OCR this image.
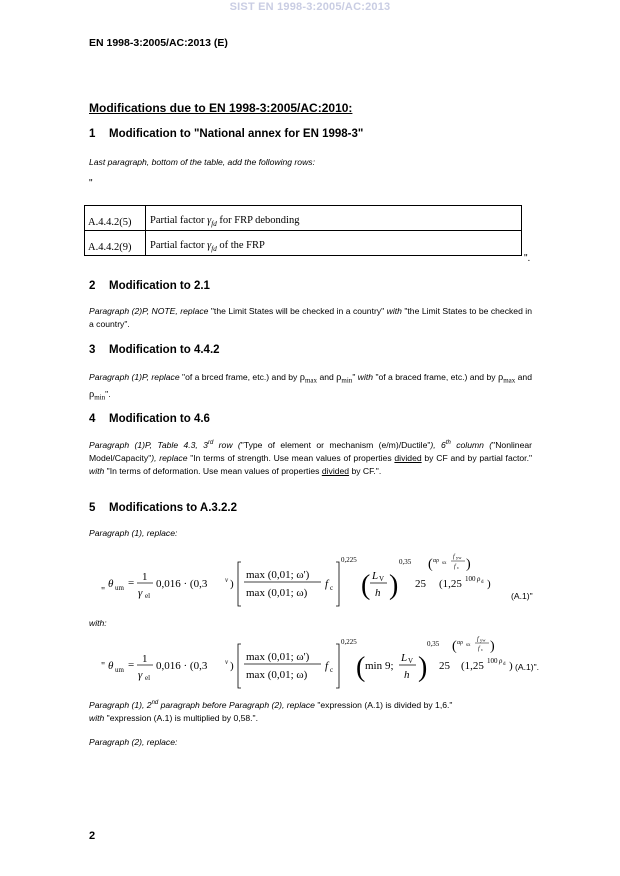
SIST EN 1998-3:2005/AC:2013
EN 1998-3:2005/AC:2013 (E)
Modifications due to EN 1998-3:2005/AC:2010:
1 Modification to "National annex for EN 1998-3"
Last paragraph, bottom of the table, add the following rows:
"
A.4.4.2(5)	Partial factor $\gamma_{fd}$ for FRP debonding
A.4.4.2(9)	Partial factor $\gamma_{fd}$ of the FRP
".
2 Modification to 2.1
Paragraph (2)P, NOTE, replace "the Limit States will be checked in a country" with "the Limit States to be checked in a country".
3 Modification to 4.4.2
Paragraph (1)P, replace "of a brced frame, etc.) and by $\rho_{max}$ and $\rho_{min}$" with "of a braced frame, etc.) and by $\rho_{max}$ and $\rho_{min}$".
4 Modification to 4.6
Paragraph (1)P, Table 4.3, 3rd row ("Type of element or mechanism (e/m)/Ductile"), 6th column ("Nonlinear Model/Capacity"), replace "In terms of strength. Use mean values of properties divided by CF and by partial factor." with "In terms of deformation. Use mean values of properties divided by CF.".
5 Modifications to A.3.2.2
Paragraph (1), replace:
"
θ um = 1
γ el
0,016 · (0,3	ν )
max (0,01; ω')
max (0,01; ω)
f c
0,225
( L V
h )
0,35
25
( αρ sx
f yw
f c )
(1,25 100 ρ d )
(A.1)"
with:
" θ um = 1
γ el
0,016 · (0,3	ν )
max (0,01; ω')
max (0,01; ω)
f c
0,225
( min 9;
L V
h )
0,35
25
( αρ sx
f yw
f c )
(1,25 100 ρ d ) (A.1)".
Paragraph (1), 2nd paragraph before Paragraph (2), replace "expression (A.1) is divided by 1,6."
with "expression (A.1) is multiplied by 0,58.".
Paragraph (2), replace:
2
